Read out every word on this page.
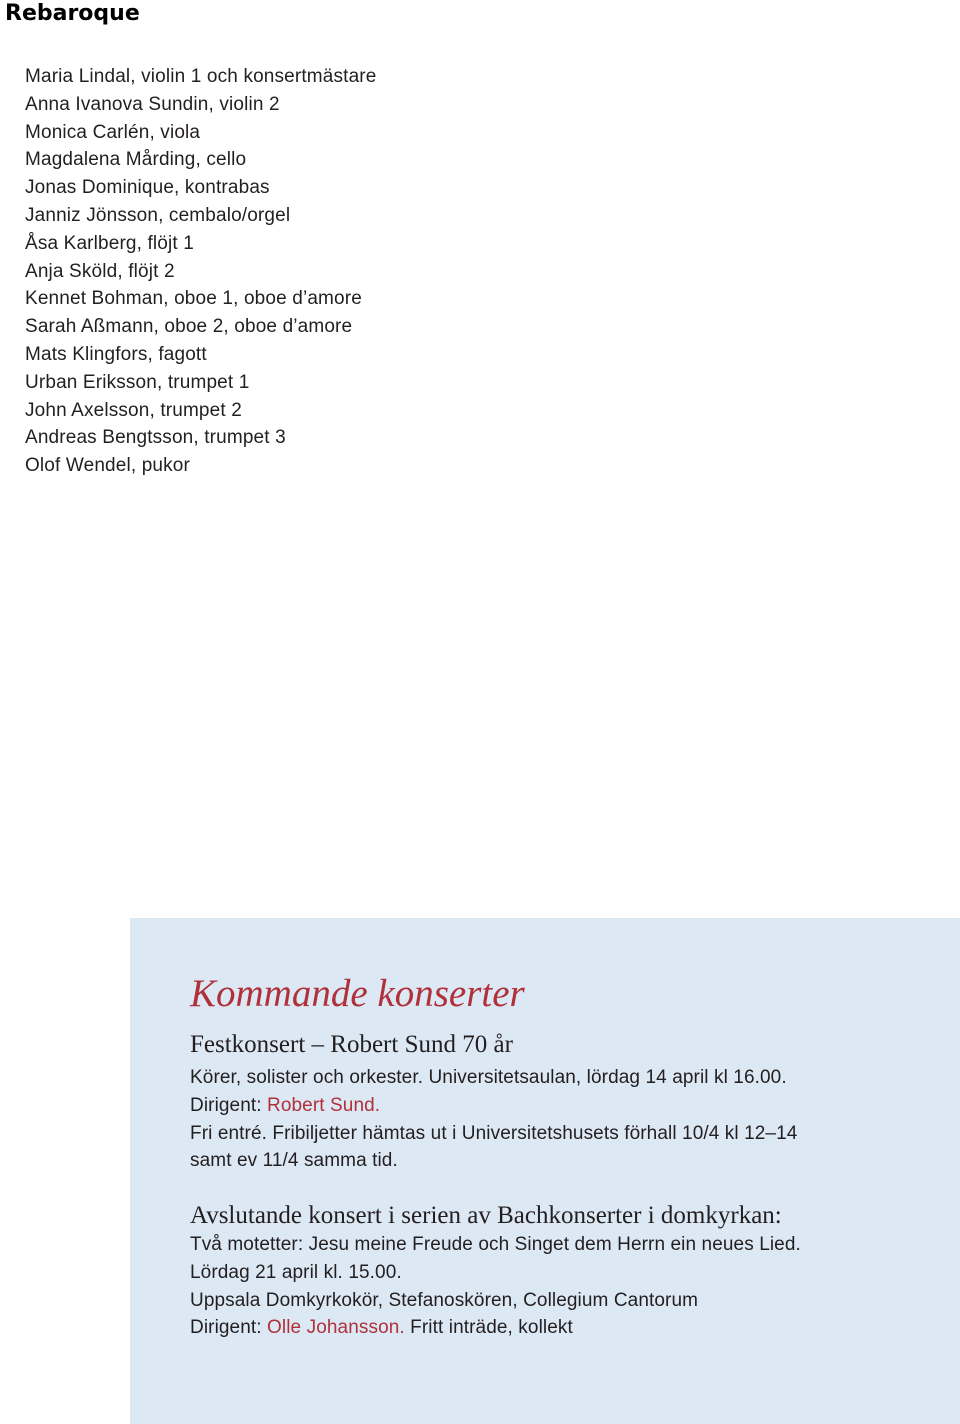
Rebaroque
Maria Lindal, violin 1 och konsertmästare
Anna Ivanova Sundin, violin 2
Monica Carlén, viola
Magdalena Mårding, cello
Jonas Dominique, kontrabas
Janniz Jönsson, cembalo/orgel
Åsa Karlberg, flöjt 1
Anja Sköld, flöjt 2
Kennet Bohman, oboe 1, oboe d’amore
Sarah Aßmann, oboe 2, oboe d’amore
Mats Klingfors, fagott
Urban Eriksson, trumpet 1
John Axelsson, trumpet 2
Andreas Bengtsson, trumpet 3
Olof Wendel, pukor
Kommande konserter
Festkonsert – Robert Sund 70 år
Körer, solister och orkester. Universitetsaulan, lördag 14 april kl 16.00.
Dirigent: Robert Sund.
Fri entré. Fribiljetter hämtas ut i Universitetshusets förhall 10/4 kl 12–14
samt ev 11/4 samma tid.
Avslutande konsert i serien av Bachkonserter i domkyrkan:
Två motetter: Jesu meine Freude och Singet dem Herrn ein neues Lied.
Lördag 21 april kl. 15.00.
Uppsala Domkyrkokör, Stefanoskören, Collegium Cantorum
Dirigent: Olle Johansson. Fritt inträde, kollekt
